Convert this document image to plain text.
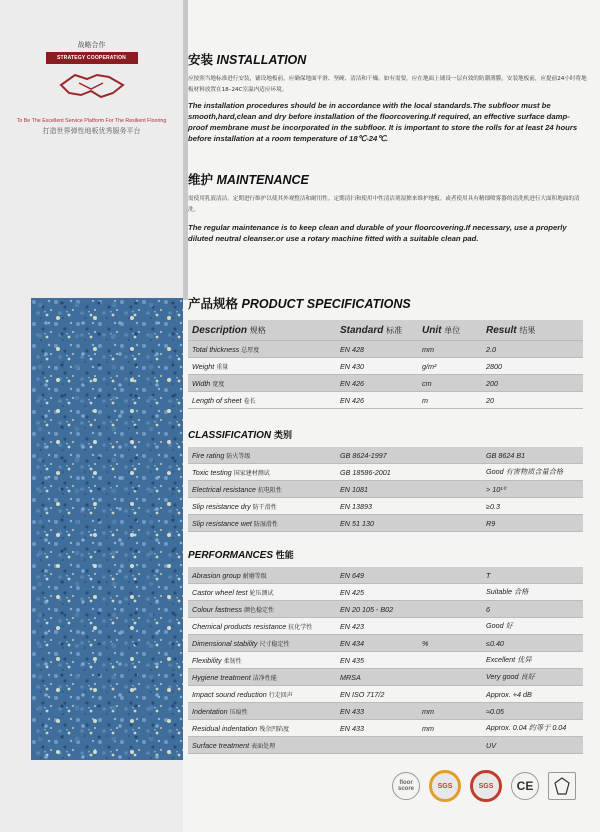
战略合作
STRATEGY COOPERATION
To Be The Excellent Service Platform For The Resilient Flooring
打造世界弹性地板优秀服务平台
安装 INSTALLATION
应按照当地标准进行安装，铺设地板前，应确保地面平滑、坚硬、清洁和干燥。如有需要，应在地面上铺设一层有效的防潮薄膜。安装地板前，应提前24小时将地板材料放置在18–24C室温内适应环境。
The installation procedures should be in accordance with the local standards.The subfloor must be smooth,hard,clean and dry before installation of the floorcovering.If required, an effective surface damp-proof membrane must be incorporated in the subfloor. It is important to store the rolls for at least 24 hours before installation at a room temperature of 18℃-24℃.
维护 MAINTENANCE
需使用乳液清洁。定期进行维护以使其外观整洁和耐用性。定期清扫和使用中性清洁剂湿擦来维护地板。或者使用具有精细喷雾器的清洗机进行大面积地面的清洗。
The regular maintenance is to keep clean and durable of your floorcovering.If necessary, use a properly diluted neutral cleanser.or use a rotary machine fitted with a suitable clean pad.
产品规格 PRODUCT SPECIFICATIONS
Description 规格	Standard 标准	Unit 单位	Result 结果
Total thickness 总厚度	EN 428	mm	2.0
Weight 重量	EN 430	g/m²	2800
Width 宽度	EN 426	cm	200
Length of sheet 卷长	EN 426	m	20
CLASSIFICATION 类别
Fire rating 防火等级	GB 8624-1997		GB 8624 B1
Toxic testing 国家建材测试	GB 18586-2001		Good 有害物质含量合格
Electrical resistance 抗电阻性	EN 1081		> 10¹⁰
Slip resistance dry 防干滑性	EN 13893		≥0.3
Slip resistance wet 防湿滑性	EN 51 130		R9
PERFORMANCES 性能
Abrasion group 耐磨等级	EN 649		T
Castor wheel test 轮压测试	EN 425		Suitable 合格
Colour fastness 颜色稳定性	EN 20 105 - B02		6
Chemical products resistance 抗化学性	EN 423		Good 好
Dimensional stability 尺寸稳定性	EN 434	%	≤0.40
Flexibility 柔韧性	EN 435		Excellent 优异
Hygiene treatment 洁净性能	MRSA		Very good 良好
Impact sound reduction 行走回声	EN ISO 717/2		Approx. +4 dB
Indentation 压痕性	EN 433	mm	≈0.05
Residual indentation 残余凹陷度	EN 433	mm	Approx. 0.04 约等于 0.04
Surface treatment 表面处理			UV
floor score	SGS	SGS	CE
